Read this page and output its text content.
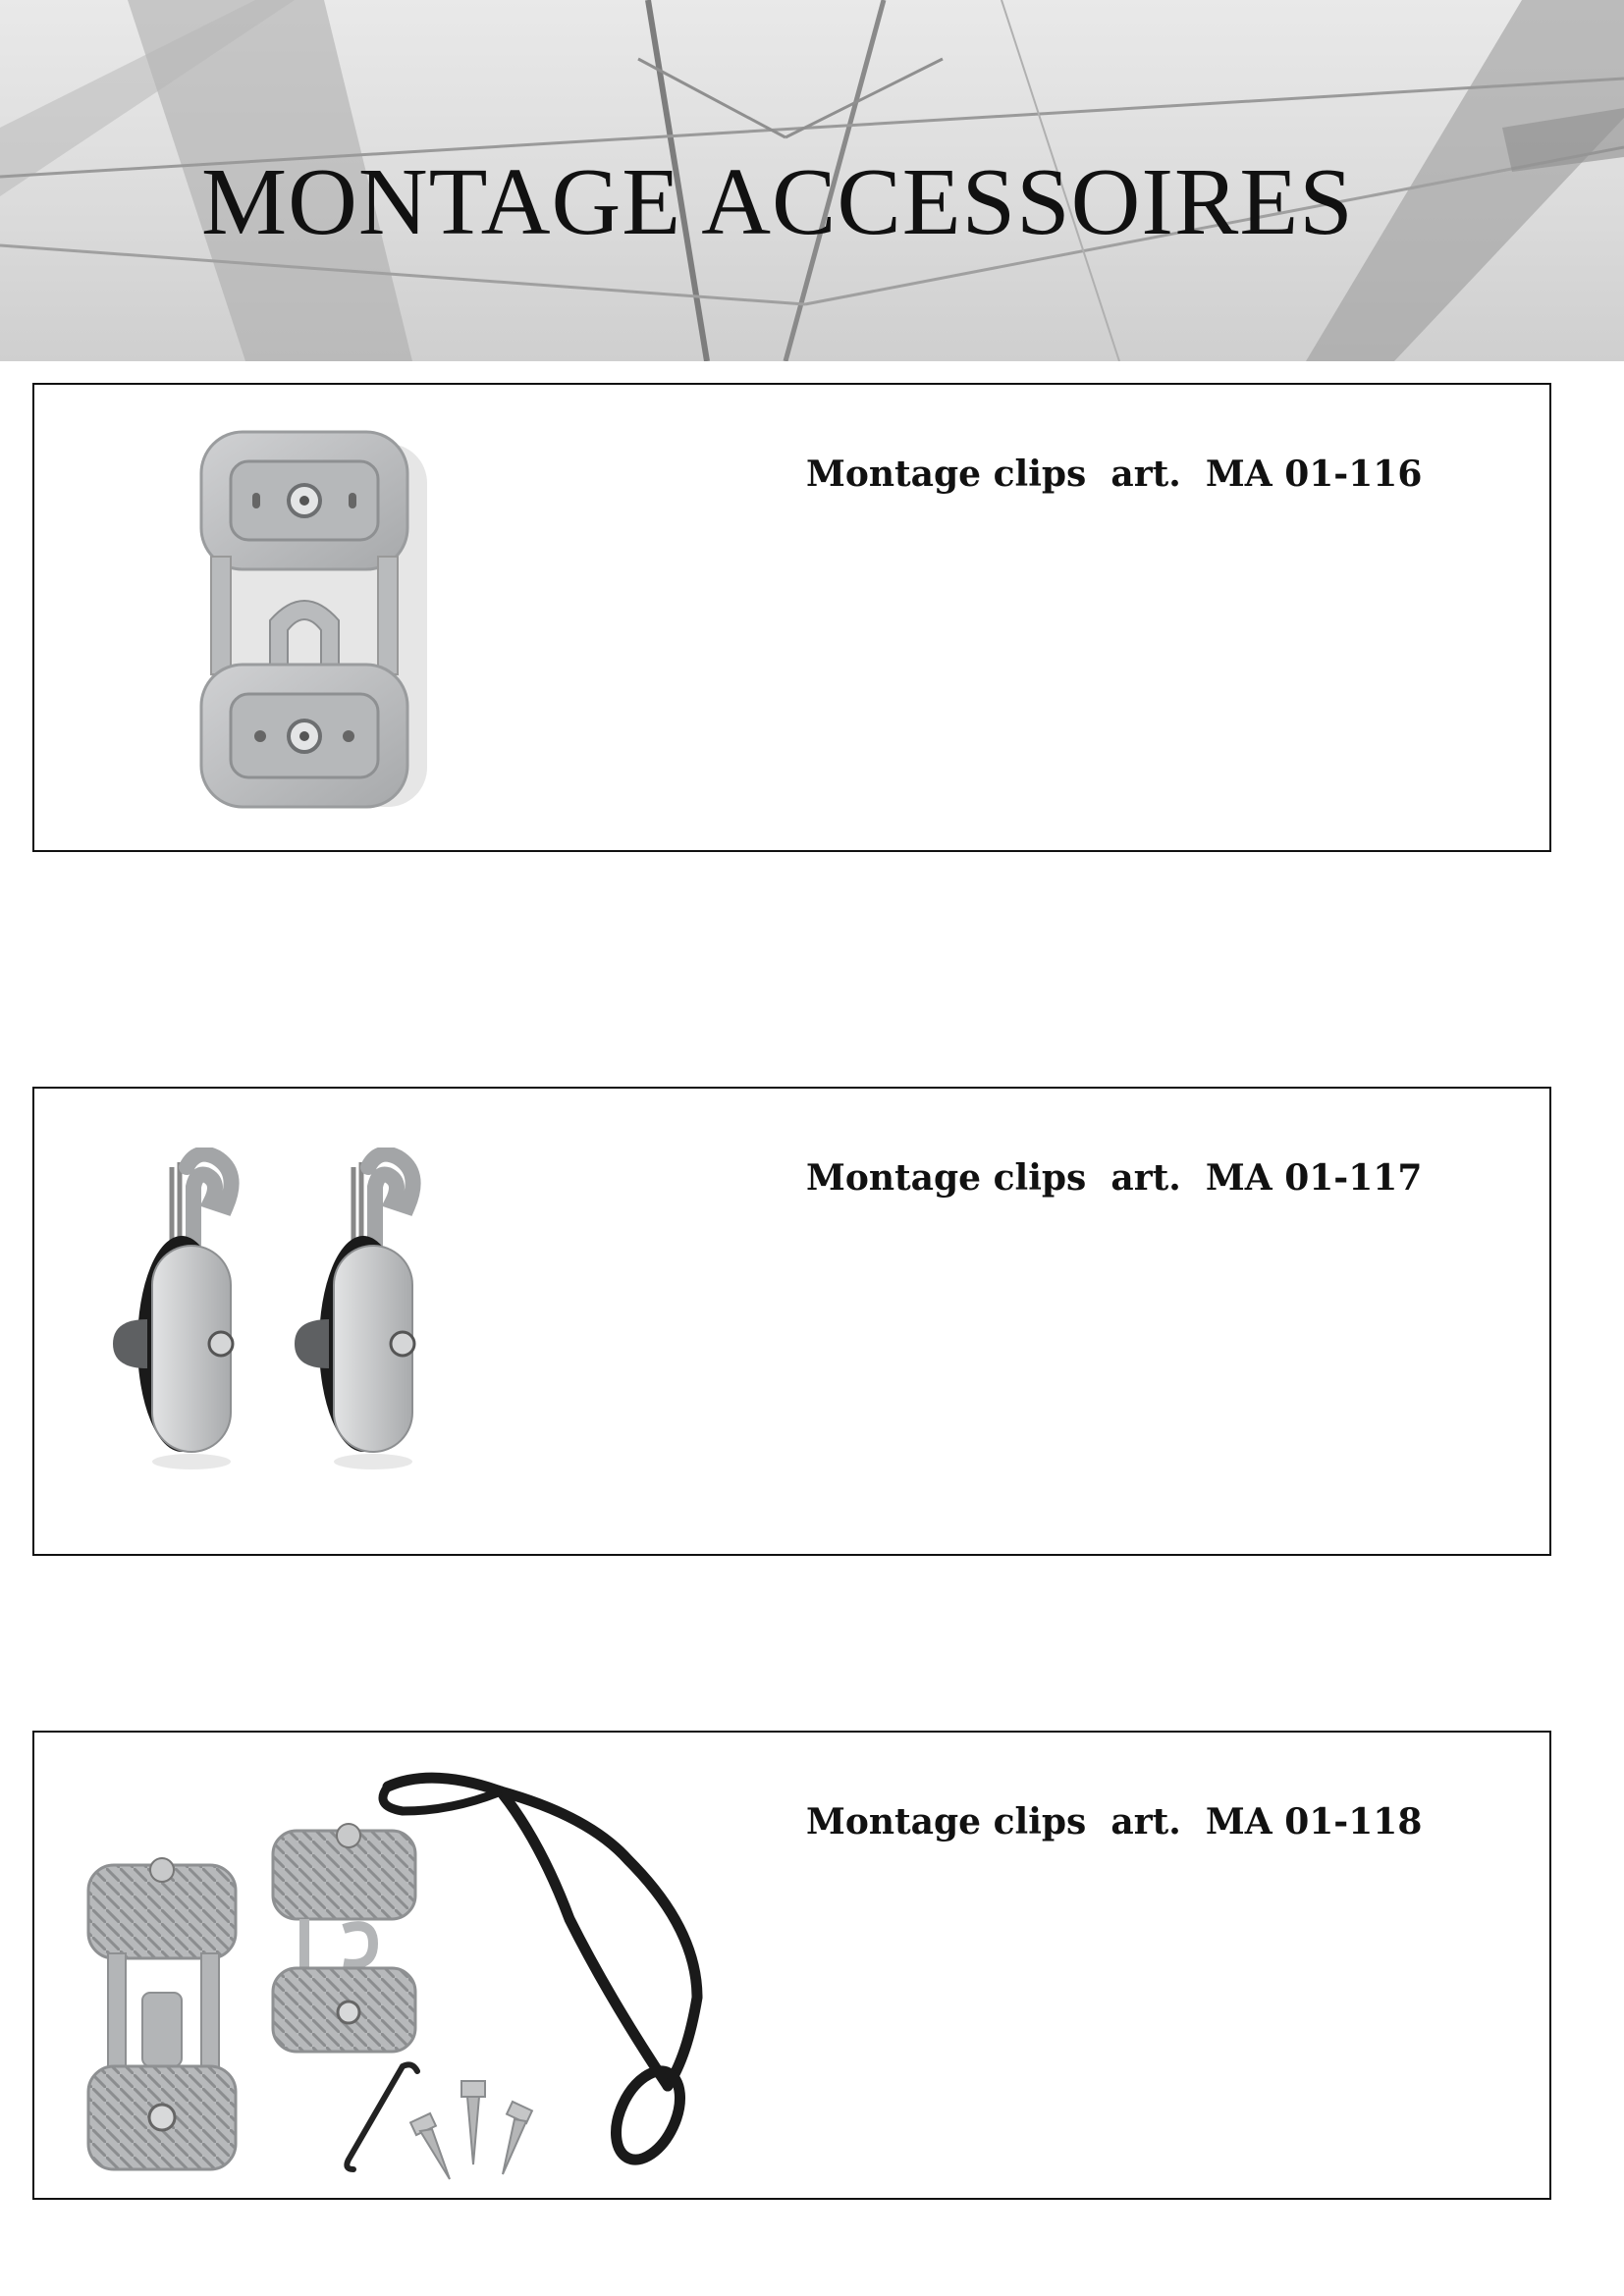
MONTAGE ACCESSOIRES

Montage clips  art.  MA 01-116

Montage clips  art.  MA 01-117

Montage clips  art.  MA 01-118
